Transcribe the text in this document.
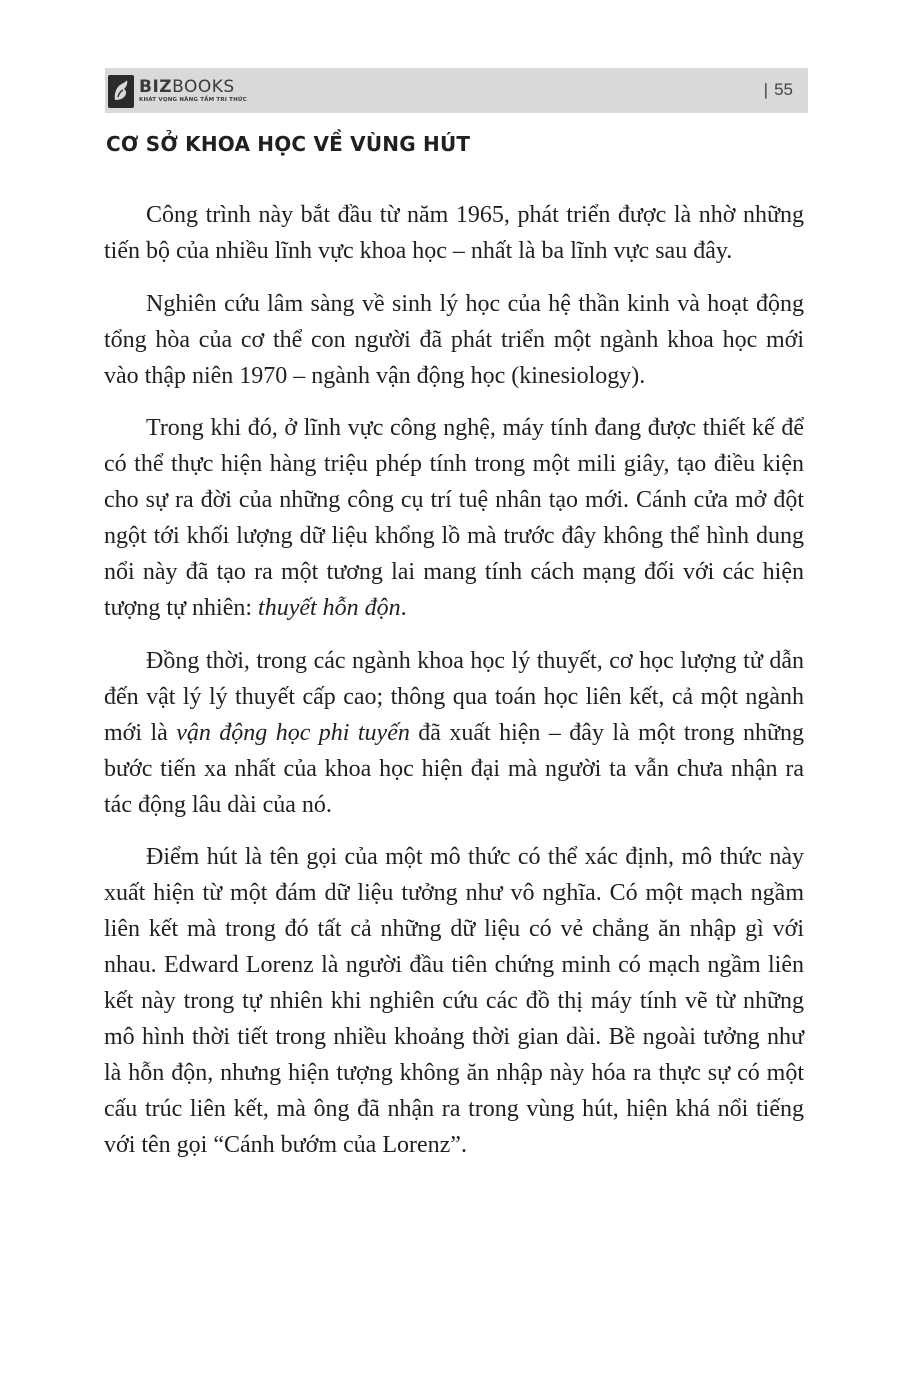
BIZBOOKS
KHÁT VỌNG NÂNG TẦM TRI THỨC
| 55
CƠ SỞ KHOA HỌC VỀ VÙNG HÚT

Công trình này bắt đầu từ năm 1965, phát triển được là nhờ những tiến bộ của nhiều lĩnh vực khoa học – nhất là ba lĩnh vực sau đây.

Nghiên cứu lâm sàng về sinh lý học của hệ thần kinh và hoạt động tổng hòa của cơ thể con người đã phát triển một ngành khoa học mới vào thập niên 1970 – ngành vận động học (kinesiology).

Trong khi đó, ở lĩnh vực công nghệ, máy tính đang được thiết kế để có thể thực hiện hàng triệu phép tính trong một mili giây, tạo điều kiện cho sự ra đời của những công cụ trí tuệ nhân tạo mới. Cánh cửa mở đột ngột tới khối lượng dữ liệu khổng lồ mà trước đây không thể hình dung nổi này đã tạo ra một tương lai mang tính cách mạng đối với các hiện tượng tự nhiên: thuyết hỗn độn.

Đồng thời, trong các ngành khoa học lý thuyết, cơ học lượng tử dẫn đến vật lý lý thuyết cấp cao; thông qua toán học liên kết, cả một ngành mới là vận động học phi tuyến đã xuất hiện – đây là một trong những bước tiến xa nhất của khoa học hiện đại mà người ta vẫn chưa nhận ra tác động lâu dài của nó.

Điểm hút là tên gọi của một mô thức có thể xác định, mô thức này xuất hiện từ một đám dữ liệu tưởng như vô nghĩa. Có một mạch ngầm liên kết mà trong đó tất cả những dữ liệu có vẻ chẳng ăn nhập gì với nhau. Edward Lorenz là người đầu tiên chứng minh có mạch ngầm liên kết này trong tự nhiên khi nghiên cứu các đồ thị máy tính vẽ từ những mô hình thời tiết trong nhiều khoảng thời gian dài. Bề ngoài tưởng như là hỗn độn, nhưng hiện tượng không ăn nhập này hóa ra thực sự có một cấu trúc liên kết, mà ông đã nhận ra trong vùng hút, hiện khá nổi tiếng với tên gọi “Cánh bướm của Lorenz”.
